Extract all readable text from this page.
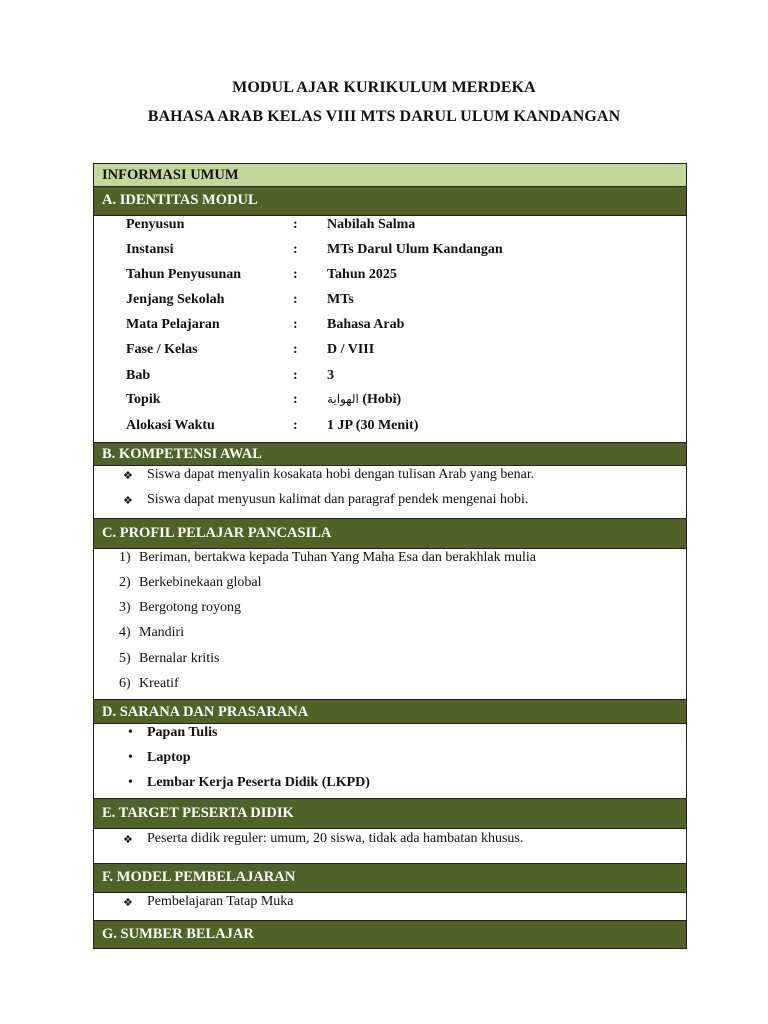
MODUL AJAR KURIKULUM MERDEKA
BAHASA ARAB KELAS VIII MTS DARUL ULUM KANDANGAN
INFORMASI UMUM
A. IDENTITAS MODUL
Penyusun	: Nabilah Salma
Instansi	: MTs Darul Ulum Kandangan
Tahun Penyusunan	: Tahun 2025
Jenjang Sekolah	: MTs
Mata Pelajaran	: Bahasa Arab
Fase / Kelas	: D / VIII
Bab	: 3
Topik	: الهواية (Hobi)
Alokasi Waktu	: 1 JP (30 Menit)
B. KOMPETENSI AWAL
❖ Siswa dapat menyalin kosakata hobi dengan tulisan Arab yang benar.
❖ Siswa dapat menyusun kalimat dan paragraf pendek mengenai hobi.
C. PROFIL PELAJAR PANCASILA
1) Beriman, bertakwa kepada Tuhan Yang Maha Esa dan berakhlak mulia
2) Berkebinekaan global
3) Bergotong royong
4) Mandiri
5) Bernalar kritis
6) Kreatif
D. SARANA DAN PRASARANA
• Papan Tulis
• Laptop
• Lembar Kerja Peserta Didik (LKPD)
E. TARGET PESERTA DIDIK
❖ Peserta didik reguler: umum, 20 siswa, tidak ada hambatan khusus.
F. MODEL PEMBELAJARAN
❖ Pembelajaran Tatap Muka
G. SUMBER BELAJAR
